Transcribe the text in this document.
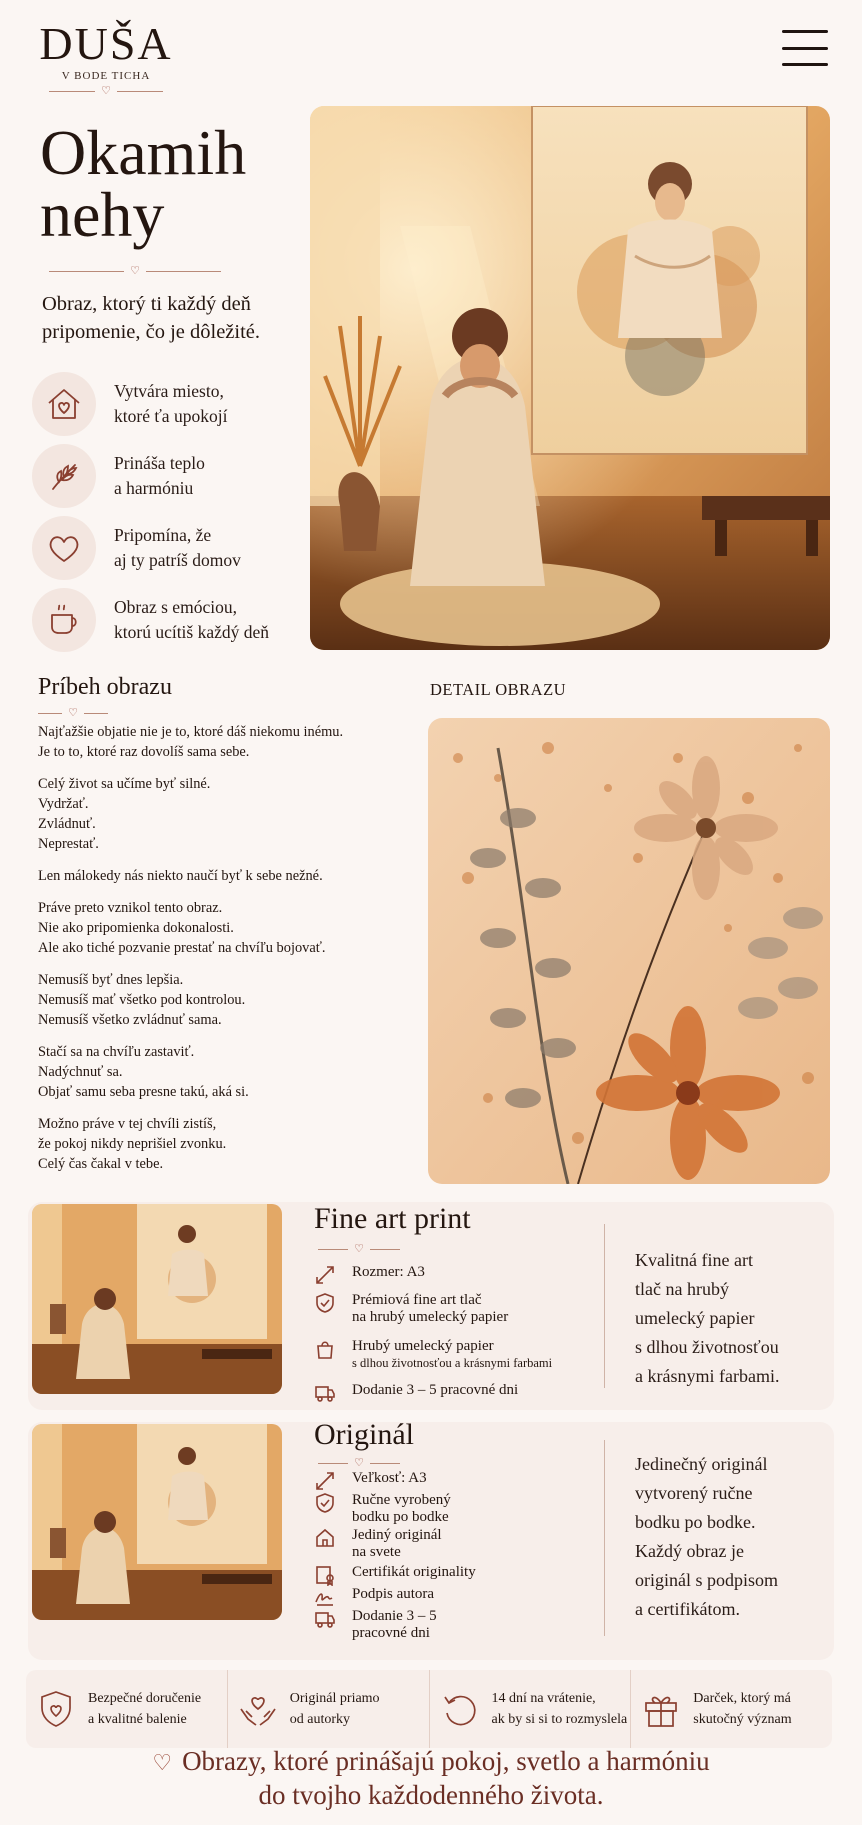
DUŠA
V BODE TICHA
♡
Okamih
nehy
♡
Obraz, ktorý ti každý deň pripomenie, čo je dôležité.
Vytvára miesto,
ktoré ťa upokojí
Prináša teplo
a harmóniu
Pripomína, že
aj ty patríš domov
Obraz s emóciou,
ktorú ucítiš každý deň
Príbeh obrazu
♡

Najťažšie objatie nie je to, ktoré dáš niekomu inému.
Je to to, ktoré raz dovolíš sama sebe.

Celý život sa učíme byť silné.
Vydržať.
Zvládnuť.
Neprestať.

Len málokedy nás niekto naučí byť k sebe nežné.

Práve preto vznikol tento obraz.
Nie ako pripomienka dokonalosti.
Ale ako tiché pozvanie prestať na chvíľu bojovať.

Nemusíš byť dnes lepšia.
Nemusíš mať všetko pod kontrolou.
Nemusíš všetko zvládnuť sama.

Stačí sa na chvíľu zastaviť.
Nadýchnuť sa.
Objať samu seba presne takú, aká si.

Možno práve v tej chvíli zistíš,
že pokoj nikdy neprišiel zvonku.
Celý čas čakal v tebe.

DETAIL OBRAZU
Fine art print
♡
Rozmer: A3
Prémiová fine art tlač
na hrubý umelecký papier
Hrubý umelecký papier
s dlhou životnosťou a krásnymi farbami
Dodanie 3 – 5 pracovné dni
Kvalitná fine art
tlač na hrubý
umelecký papier
s dlhou životnosťou
a krásnymi farbami.
Originál
♡
Veľkosť: A3
Ručne vyrobený
bodku po bodke
Jediný originál
na svete
Certifikát originality
Podpis autora
Dodanie 3 – 5
pracovné dni
Jedinečný originál
vytvorený ručne
bodku po bodke.
Každý obraz je
originál s podpisom
a certifikátom.
Bezpečné doručenie
a kvalitné balenie
Originál priamo
od autorky
14 dní na vrátenie,
ak by si si to rozmyslela
Darček, ktorý má
skutočný význam
♡ Obrazy, ktoré prinášajú pokoj, svetlo a harmóniu
do tvojho každodenného života.
